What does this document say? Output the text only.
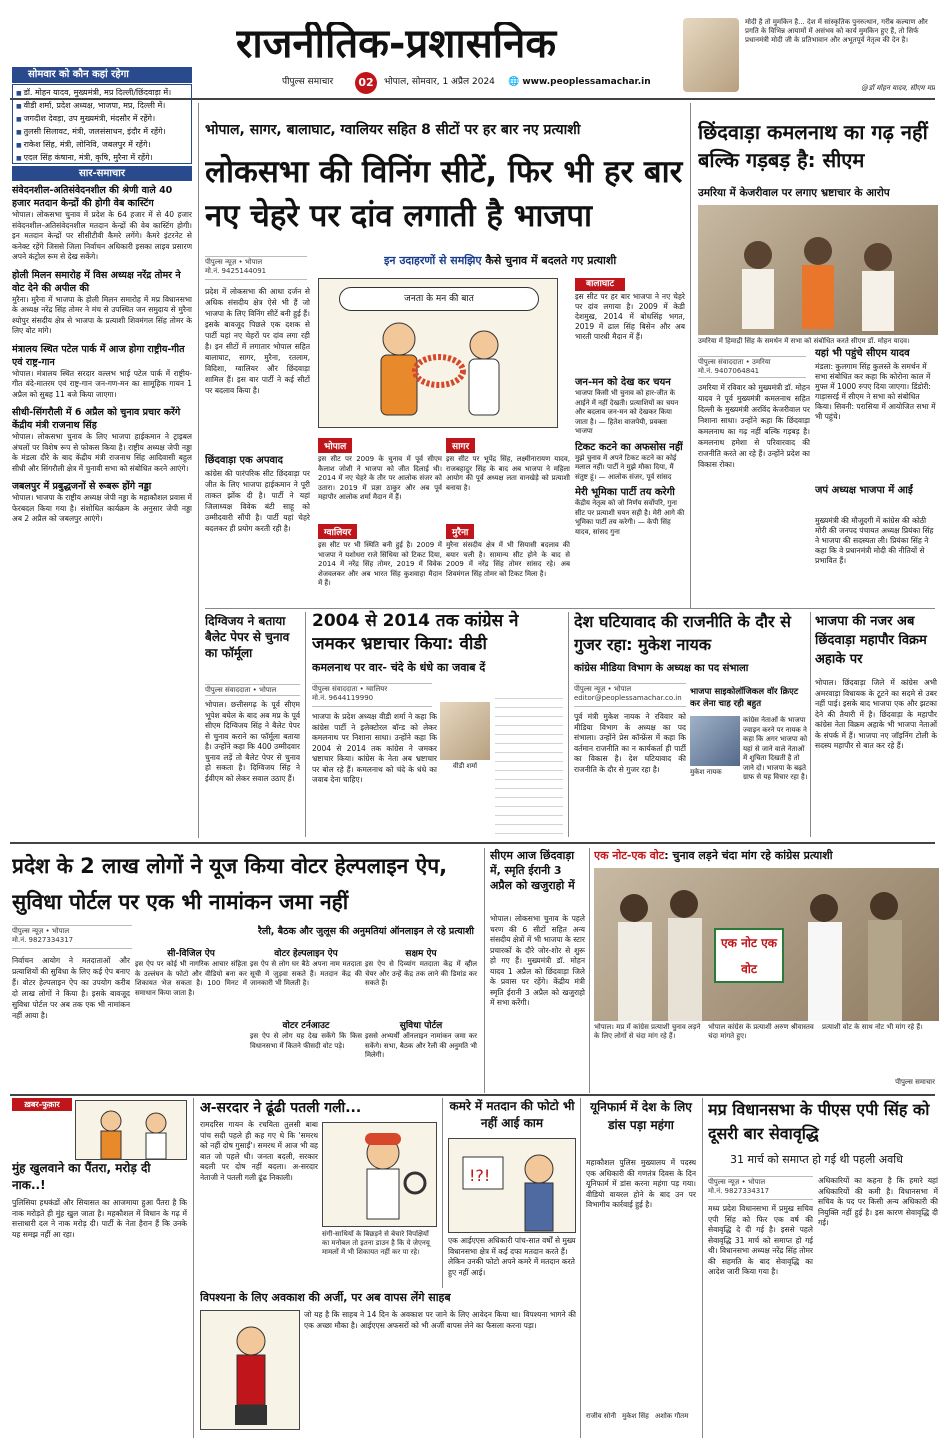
राजनीतिक-प्रशासनिक
पीपुल्स समाचार	02	भोपाल, सोमवार, 1 अप्रैल 2024	🌐 www.peoplessamachar.in
मोदी है तो मुमकिन है... देश में सांस्कृतिक पुनरुत्थान, गरीब कल्याण और प्रगति के विभिन्न आयामों में असंभव को कार्य मुमकिन हुए हैं, तो सिर्फ प्रधानमंत्री मोदी जी के प्रतिभावान और अभूतपूर्व नेतृत्व की देन है।
@डॉ मोहन यादव, सीएम मप्र
सोमवार को कौन कहां रहेगा
■ डॉ. मोहन यादव, मुख्यमंत्री, मप्र दिल्ली/छिंदवाड़ा में।
■ वीडी शर्मा, प्रदेश अध्यक्ष, भाजपा, मप्र, दिल्ली में।
■ जगदीश देवड़ा, उप मुख्यमंत्री, मंदसौर में रहेंगे।
■ तुलसी सिलावट, मंत्री, जलसंसाधन, इंदौर में रहेंगे।
■ राकेश सिंह, मंत्री, लोनिवि, जबलपुर में रहेंगे।
■ एदल सिंह कंषाना, मंत्री, कृषि, मुरैना में रहेंगे।
सार-समाचार
संवेदनशील-अतिसंवेदनशील की श्रेणी वाले 40 हजार मतदान केन्द्रों की होगी वेब कास्टिंग
भोपाल। लोकसभा चुनाव में प्रदेश के 64 हजार में से 40 हजार संवेदनशील-अतिसंवेदनशील मतदान केन्द्रों की वेब कास्टिंग होगी। इन मतदान केन्द्रों पर सीसीटीवी कैमरे लगेंगे। कैमरे इंटरनेट से कनेक्ट रहेंगे जिससे जिला निर्वाचन अधिकारी इसका लाइव प्रसारण अपने कंट्रोल रूम से देख सकेंगे।
होली मिलन समारोह में विस अध्यक्ष नरेंद्र तोमर ने वोट देने की अपील की
मुरैना। मुरैना में भाजपा के होली मिलन समारोह में मप्र विधानसभा के अध्यक्ष नरेंद्र सिंह तोमर ने मंच से उपस्थित जन समुदाय से मुरैना श्योपुर संसदीय क्षेत्र से भाजपा के प्रत्याशी शिवमंगल सिंह तोमर के लिए वोट मांगे।
मंत्रालय स्थित पटेल पार्क में आज होगा राष्ट्रीय-गीत एवं राष्ट्र-गान
भोपाल। मंत्रालय स्थित सरदार वल्लभ भाई पटेल पार्क में राष्ट्रीय-गीत वंदे-मातरम एवं राष्ट्र-गान जन-गण-मन का सामूहिक गायन 1 अप्रैल को सुबह 11 बजे किया जाएगा।
सीधी-सिंगरौली में 6 अप्रैल को चुनाव प्रचार करेंगे केंद्रीय मंत्री राजनाथ सिंह
भोपाल। लोकसभा चुनाव के लिए भाजपा हाईकमान ने ट्राइबल अंचलों पर विशेष रूप से फोकस किया है। राष्ट्रीय अध्यक्ष जेपी नड्डा के मंडला दौरे के बाद केंद्रीय मंत्री राजनाथ सिंह आदिवासी बहुल सीधी और सिंगरौली क्षेत्र में चुनावी सभा को संबोधित करने आएंगे।
जबलपुर में प्रबुद्धजनों से रूबरू होंगे नड्डा
भोपाल। भाजपा के राष्ट्रीय अध्यक्ष जेपी नड्डा के महाकौशल प्रवास में फेरबदल किया गया है। संशोधित कार्यक्रम के अनुसार जेपी नड्डा अब 2 अप्रैल को जबलपुर आएंगे।
भोपाल, सागर, बालाघाट, ग्वालियर सहित 8 सीटों पर हर बार नए प्रत्याशी
लोकसभा की विनिंग सीटें, फिर भी हर बार नए चेहरे पर दांव लगाती है भाजपा
इन उदाहरणों से समझिए कैसे चुनाव में बदलते गए प्रत्याशी
पीपुल्स न्यूज़ • भोपाल
मो.नं. 9425144091
प्रदेश में लोकसभा की आधा दर्जन से अधिक संसदीय क्षेत्र ऐसे भी हैं जो भाजपा के लिए विनिंग सीटें बनी हुई हैं। इसके बावजूद पिछले एक दशक से पार्टी यहां नए चेहरों पर दांव लगा रही है। इन सीटों में लगातार भोपाल सहित बालाघाट, सागर, मुरैना, रतलाम, विदिशा, ग्वालियर और छिंदवाड़ा शामिल हैं। इस बार पार्टी ने कई सीटों पर बदलाव किया है।
छिंदवाड़ा एक अपवाद
कांग्रेस की पारंपरिक सीट छिंदवाड़ा पर जीत के लिए भाजपा हाईकमान ने पूरी ताकत झोंक दी है। पार्टी ने यहां जिलाध्यक्ष विवेक बंटी साहू को उम्मीदवारी सौंपी है। पार्टी यहां चेहरे बदलकर ही प्रयोग करती रही है।
जनता के मन की बात
भोपाल
इस सीट पर 2009 के चुनाव में पूर्व सीएम कैलाश जोशी ने भाजपा को जीत दिलाई थी। 2014 में नए चेहरे के तौर पर आलोक संजर को उतारा। 2019 में प्रज्ञा ठाकुर और अब पूर्व महापौर आलोक शर्मा मैदान में हैं।
सागर
इस सीट पर भूपेंद्र सिंह, लक्ष्मीनारायण यादव, राजबहादुर सिंह के बाद अब भाजपा ने महिला आयोग की पूर्व अध्यक्ष लता वानखेड़े को प्रत्याशी बनाया है।
ग्वालियर
इस सीट पर भी स्थिति बनी हुई है। 2009 में भाजपा ने यशोधरा राजे सिंधिया को टिकट दिया, 2014 में नरेंद्र सिंह तोमर, 2019 में विवेक शेजवलकर और अब भारत सिंह कुशवाहा मैदान में हैं।
मुरैना
मुरैना संसदीय क्षेत्र में भी सियासी बदलाव की बयार चली है। सामान्य सीट होने के बाद से 2009 में नरेंद्र सिंह तोमर सांसद रहे। अब शिवमंगल सिंह तोमर को टिकट मिला है।
बालाघाट
इस सीट पर हर बार भाजपा ने नए चेहरे पर दांव लगाया है। 2009 में केडी देशमुख, 2014 में बोधसिंह भगत, 2019 में ढाल सिंह बिसेन और अब भारती पारधी मैदान में हैं।
जन-मन को देख कर चयन
भाजपा किसी भी चुनाव को हार-जीत के आईने में नहीं देखती। प्रत्याशियों का चयन और बदलाव जन-मन को देखकर किया जाता है। — हितेश वाजपेयी, प्रवक्ता भाजपा
टिकट कटने का अफसोस नहीं
मुझे चुनाव में अपने टिकट कटने का कोई मलाल नहीं। पार्टी ने मुझे मौका दिया, मैं संतुष्ट हूं। — आलोक संजर, पूर्व सांसद
मेरी भूमिका पार्टी तय करेगी
केंद्रीय नेतृत्व को जो निर्णय सर्वोपरि, गुना सीट पर प्रत्याशी चयन सही है। मेरी आगे की भूमिका पार्टी तय करेगी। — केपी सिंह यादव, सांसद गुना
छिंदवाड़ा कमलनाथ का गढ़ नहीं बल्कि गड़बड़ है: सीएम
उमरिया में केजरीवाल पर लगाए भ्रष्टाचार के आरोप
उमरिया में हिमाद्री सिंह के समर्थन में सभा को संबोधित करते सीएम डॉ. मोहन यादव।
पीपुल्स संवाददाता • उमरिया
मो.नं. 9407064841
उमरिया में रविवार को मुख्यमंत्री डॉ. मोहन यादव ने पूर्व मुख्यमंत्री कमलनाथ सहित दिल्ली के मुख्यमंत्री अरविंद केजरीवाल पर निशाना साधा। उन्होंने कहा कि छिंदवाड़ा कमलनाथ का गढ़ नहीं बल्कि गड़बड़ है। कमलनाथ हमेशा से परिवारवाद की राजनीति करते आ रहे हैं। उन्होंने प्रदेश का विकास रोका।
यहां भी पहुंचे सीएम यादव
मंडला: कुलगाम सिंह कुलस्ते के समर्थन में सभा संबोधित कर कहा कि कोरोना काल में मुफ्त में 1000 रुपए दिया जाएगा। डिंडोरी: गाड़ासरई में सीएम ने सभा को संबोधित किया। सिवनी: परासिया में आयोजित सभा में भी पहुंचे।
जपं अध्यक्ष भाजपा में आईं
मुख्यमंत्री की मौजूदगी में कांग्रेस की कोठी मोरी की जनपद पंचायत अध्यक्ष प्रियंका सिंह ने भाजपा की सदस्यता ली। प्रियंका सिंह ने कहा कि वे प्रधानमंत्री मोदी की नीतियों से प्रभावित हैं।
दिग्विजय ने बताया बैलेट पेपर से चुनाव का फॉर्मूला
पीपुल्स संवाददाता • भोपाल
भोपाल। छत्तीसगढ़ के पूर्व सीएम भूपेश बघेल के बाद अब मप्र के पूर्व सीएम दिग्विजय सिंह ने बैलेट पेपर से चुनाव कराने का फॉर्मूला बताया है। उन्होंने कहा कि 400 उम्मीदवार चुनाव लड़ें तो बैलेट पेपर से चुनाव हो सकता है। दिग्विजय सिंह ने ईवीएम को लेकर सवाल उठाए हैं।
2004 से 2014 तक कांग्रेस ने जमकर भ्रष्टाचार किया: वीडी
कमलनाथ पर वार- चंदे के धंधे का जवाब दें
पीपुल्स संवाददाता • ग्वालियर
मो.नं. 9644119990
वीडी शर्मा
भाजपा के प्रदेश अध्यक्ष वीडी शर्मा ने कहा कि कांग्रेस पार्टी ने इलेक्टोरल बॉन्ड को लेकर कमलनाथ पर निशाना साधा। उन्होंने कहा कि 2004 से 2014 तक कांग्रेस ने जमकर भ्रष्टाचार किया। कांग्रेस के नेता अब भ्रष्टाचार पर बोल रहे हैं। कमलनाथ को चंदे के धंधे का जवाब देना चाहिए।
देश घटियावाद की राजनीति के दौर से गुजर रहा: मुकेश नायक
कांग्रेस मीडिया विभाग के अध्यक्ष का पद संभाला
पीपुल्स न्यूज़ • भोपाल
editor@peoplessamachar.co.in
पूर्व मंत्री मुकेश नायक ने रविवार को मीडिया विभाग के अध्यक्ष का पद संभाला। उन्होंने प्रेस कॉन्फ्रेंस में कहा कि वर्तमान राजनीति का न कार्यकर्ता ही पार्टी का विकास है। देश घटियावाद की राजनीति के दौर से गुजर रहा है।
भाजपा साइकोलॉजिकल वॉर क्रिएट कर लेना चाह रही बहुत
मुकेश नायक
कांग्रेस नेताओं के भाजपा ज्वाइन करने पर नायक ने कहा कि अगर भाजपा को यहां से जाने वाले नेताओं में शुचिता दिखती है तो जाने दो। भाजपा के बढ़ते ग्राफ से यह विचार रहा है।
भाजपा की नजर अब छिंदवाड़ा महापौर विक्रम अहाके पर
भोपाल। छिंदवाड़ा जिले में कांग्रेस अभी अमरवाड़ा विधायक के टूटने का सदमे से उबर नहीं पाई। इसके बाद भाजपा एक और झटका देने की तैयारी में है। छिंदवाड़ा के महापौर कांग्रेस नेता विक्रम अहाके भी भाजपा नेताओं के संपर्क में हैं। भाजपा नए जॉइनिंग टोली के सदस्य महापौर से बात कर रहे हैं।
प्रदेश के 2 लाख लोगों ने यूज किया वोटर हेल्पलाइन ऐप, सुविधा पोर्टल पर एक भी नामांकन जमा नहीं
रैली, बैठक और जुलूस की अनुमतियां ऑनलाइन ले रहे प्रत्याशी
पीपुल्स न्यूज़ • भोपाल
मो.नं. 9827334317
निर्वाचन आयोग ने मतदाताओं और प्रत्याशियों की सुविधा के लिए कई ऐप बनाए हैं। वोटर हेल्पलाइन ऐप का उपयोग करीब दो लाख लोगों ने किया है। इसके बावजूद सुविधा पोर्टल पर अब तक एक भी नामांकन नहीं आया है।
सी-विजिल ऐप
इस ऐप पर कोई भी नागरिक आचार संहिता के उल्लंघन के फोटो और वीडियो बना कर शिकायत भेज सकता है। 100 मिनट में समाधान किया जाता है।
वोटर हेल्पलाइन ऐप
इस ऐप से लोग घर बैठे अपना नाम मतदाता सूची में जुड़वा सकते हैं। मतदान केंद्र की जानकारी भी मिलती है।
सक्षम ऐप
इस ऐप से दिव्यांग मतदाता केंद्र में व्हील चेयर और उन्हें केंद्र तक लाने की डिमांड कर सकते हैं।
सुविधा पोर्टल
इससे अभ्यर्थी ऑनलाइन नामांकन जमा कर सकेंगे। सभा, बैठक और रैली की अनुमति भी मिलेगी।
वोटर टर्नआउट
इस ऐप से लोग यह देख सकेंगे कि किस विधानसभा में कितने फीसदी वोट पड़े।
सीएम आज छिंदवाड़ा में, स्मृति ईरानी 3 अप्रैल को खजुराहो में
भोपाल। लोकसभा चुनाव के पहले चरण की 6 सीटों सहित अन्य संसदीय क्षेत्रों में भी भाजपा के स्टार प्रचारकों के दौरे जोर-शोर से शुरू हो गए हैं। मुख्यमंत्री डॉ. मोहन यादव 1 अप्रैल को छिंदवाड़ा जिले के प्रवास पर रहेंगे। केंद्रीय मंत्री स्मृति ईरानी 3 अप्रैल को खजुराहो में सभा करेंगी।
एक नोट-एक वोट: चुनाव लड़ने चंदा मांग रहे कांग्रेस प्रत्याशी
एक नोट एक वोट
भोपाल। मप्र में कांग्रेस प्रत्याशी चुनाव लड़ने के लिए लोगों से चंदा मांग रहे हैं।
भोपाल कांग्रेस के प्रत्याशी अरुण श्रीवास्तव चंदा मांगते हुए।
प्रत्याशी वोट के साथ नोट भी मांग रहे हैं।
पीपुल्स समाचार
ख़बर-फुक़ार
मुंह खुलवाने का पैंतरा, मरोड़ दी नाक..!
पुलिसिया हथकंडों और सियासत का आजमाया हुआ पैंतरा है कि नाक मरोड़ते ही मुंह खुल जाता है। महकौशल में विधान के गढ़ में सत्ताधारी दल ने नाक मरोड़ दी। पार्टी के नेता हैरान हैं कि उनके यह समझ नहीं आ रहा।
अ-सरदार ने ढूंढी पतली गली...
रामदरिस गायन के रचयिता तुलसी बाबा पांच सदी पहले ही कह गए थे कि 'समरथ को नहीं दोष गुसाईं'। समरथ में आज भी वह बात जो पहले थी। जनता बदली, सरकार बदली पर दोष नहीं बदला। अ-सरदार नेताजी ने पतली गली ढूंढ निकाली।
संगी-साथियों के बिछड़ने से बेचारे विपक्षियों का मनोबल तो इतना डाउन है कि ये जेएनयू मामलों में भी शिकायत नहीं कर पा रहे।
कमरे में मतदान की फोटो भी नहीं आई काम
!?!
एक आईएएस अधिकारी पांच-सात वर्षों से मुख्य विधानसभा क्षेत्र में कई दफा मतदान करते हैं। लेकिन उनकी फोटो अपने कमरे में मतदान करते हुए नहीं आई।
विपश्यना के लिए अवकाश की अर्जी, पर अब वापस लेंगे साहब
जो यह है कि साहब ने 14 दिन के अवकाश पर जाने के लिए आवेदन किया था। विपश्यना भागने की एक अच्छा मौका है। आईएएस अफसरों को भी अर्जी वापस लेने का फैसला करना पड़ा।
यूनिफार्म में देश के लिए डांस पड़ा महंगा
महाकौशल पुलिस मुख्यालय में पदस्थ एक अधिकारी की गणतंत्र दिवस के दिन यूनिफार्म में डांस करना महंगा पड़ गया। वीडियो वायरल होने के बाद उन पर विभागीय कार्रवाई हुई है।
राजीव सोनी मुकेश सिंह अशोक गौतम
मप्र विधानसभा के पीएस एपी सिंह को दूसरी बार सेवावृद्धि
31 मार्च को समाप्त हो गई थी पहली अवधि
पीपुल्स न्यूज़ • भोपाल
मो.नं. 9827334317
मध्य प्रदेश विधानसभा में प्रमुख सचिव एपी सिंह को फिर एक वर्ष की सेवावृद्धि दे दी गई है। इससे पहले सेवावृद्धि 31 मार्च को समाप्त हो गई थी। विधानसभा अध्यक्ष नरेंद्र सिंह तोमर की सहमति के बाद सेवावृद्धि का आदेश जारी किया गया है।
अधिकारियों का कहना है कि हमारे यहां अधिकारियों की कमी है। विधानसभा में सचिव के पद पर किसी अन्य अधिकारी की नियुक्ति नहीं हुई है। इस कारण सेवावृद्धि दी गई।
